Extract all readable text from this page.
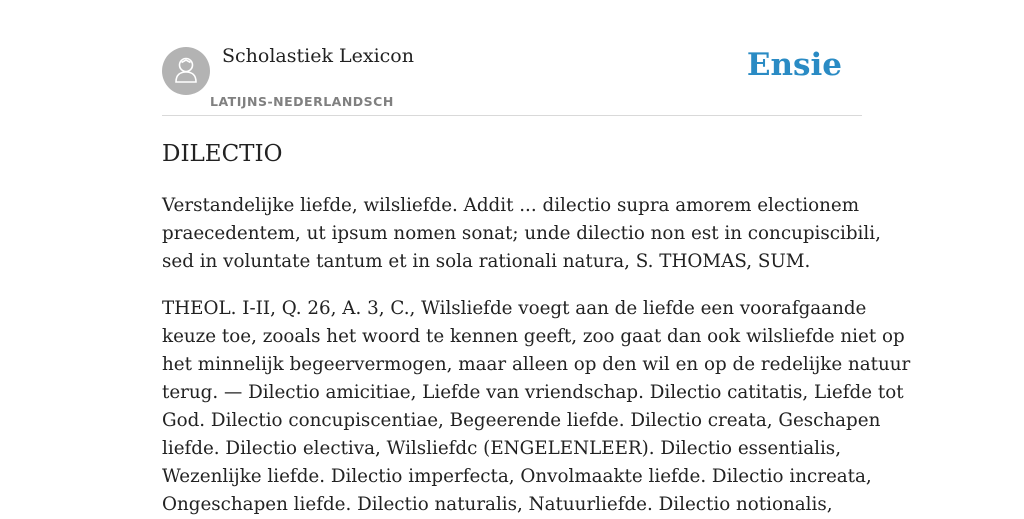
Scholastiek Lexicon
LATIJNS-NEDERLANDSCH
Ensie
DILECTIO

Verstandelijke liefde, wilsliefde. Addit ... dilectio supra amorem electionem
praecedentem, ut ipsum nomen sonat; unde dilectio non est in concupiscibili,
sed in voluntate tantum et in sola rationali natura, S. THOMAS, SUM.

THEOL. I-II, Q. 26, A. 3, C., Wilsliefde voegt aan de liefde een voorafgaande
keuze toe, zooals het woord te kennen geeft, zoo gaat dan ook wilsliefde niet op
het minnelijk begeervermogen, maar alleen op den wil en op de redelijke natuur
terug. — Dilectio amicitiae, Liefde van vriendschap. Dilectio catitatis, Liefde tot
God. Dilectio concupiscentiae, Begeerende liefde. Dilectio creata, Geschapen
liefde. Dilectio electiva, Wilsliefdc (ENGELENLEER). Dilectio essentialis,
Wezenlijke liefde. Dilectio imperfecta, Onvolmaakte liefde. Dilectio increata,
Ongeschapen liefde. Dilectio naturalis, Natuurliefde. Dilectio notionalis,
